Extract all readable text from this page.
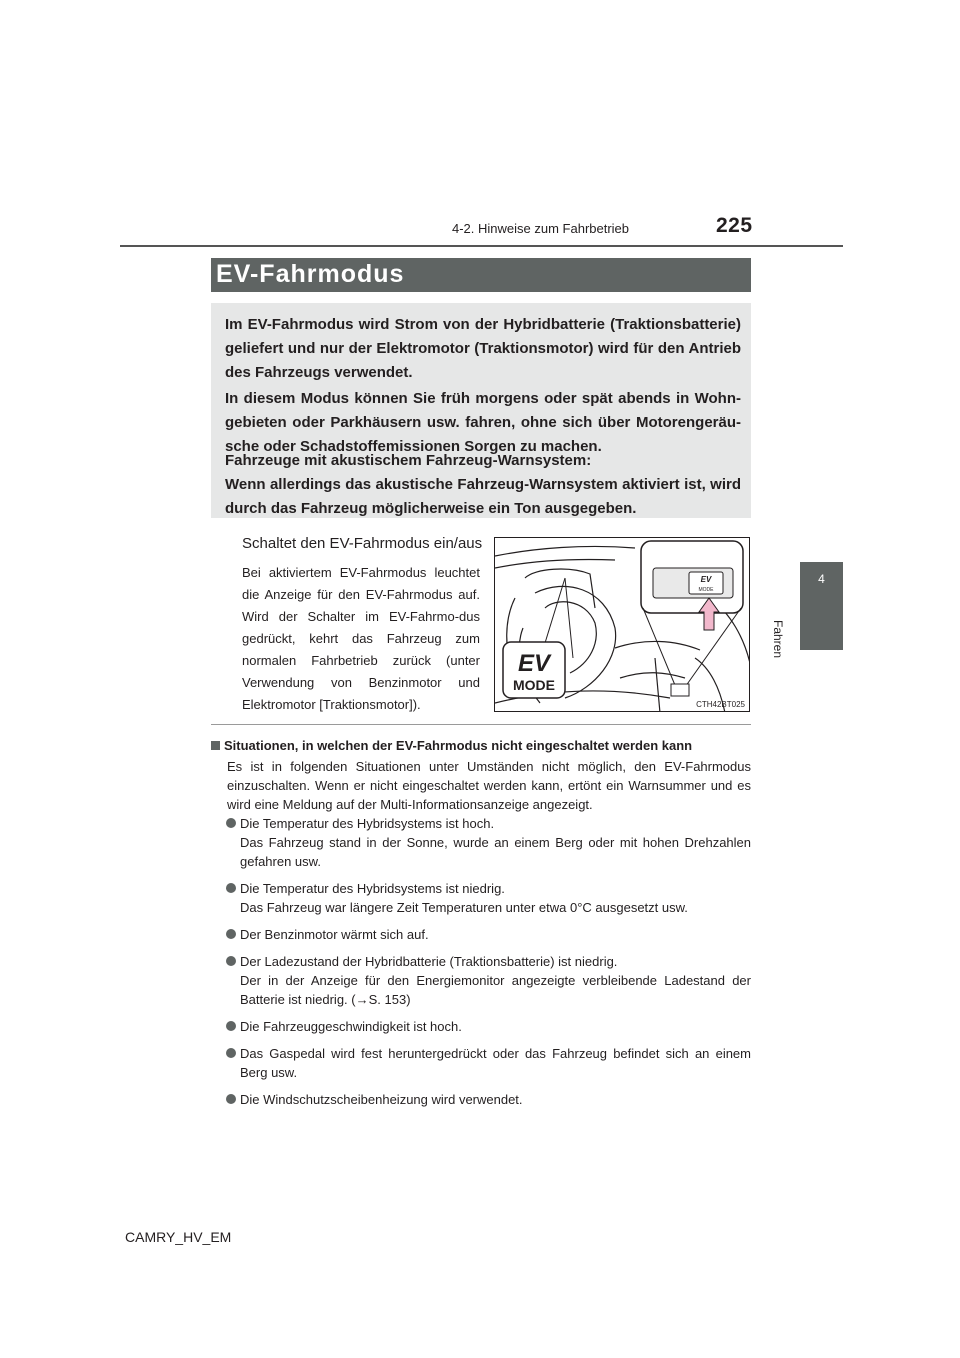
4-2. Hinweise zum Fahrbetrieb	225
4
Fahren
EV-Fahrmodus

Im EV-Fahrmodus wird Strom von der Hybridbatterie (Traktionsbatterie) geliefert und nur der Elektromotor (Traktionsmotor) wird für den Antrieb des Fahrzeugs verwendet.

In diesem Modus können Sie früh morgens oder spät abends in Wohn-gebieten oder Parkhäusern usw. fahren, ohne sich über Motorengeräu-sche oder Schadstoffemissionen Sorgen zu machen.

Fahrzeuge mit akustischem Fahrzeug-Warnsystem:

Wenn allerdings das akustische Fahrzeug-Warnsystem aktiviert ist, wird durch das Fahrzeug möglicherweise ein Ton ausgegeben.

Schaltet den EV-Fahrmodus ein/aus

Bei aktiviertem EV-Fahrmodus leuchtet die Anzeige für den EV-Fahrmodus auf. Wird der Schalter im EV-Fahrmo-dus gedrückt, kehrt das Fahrzeug zum normalen Fahrbetrieb zurück (unter Verwendung von Benzinmotor und Elektromotor [Traktionsmotor]).

EV
MODE
EV
MODE
CTH42BT025
Situationen, in welchen der EV-Fahrmodus nicht eingeschaltet werden kann

Es ist in folgenden Situationen unter Umständen nicht möglich, den EV-Fahrmodus einzuschalten. Wenn er nicht eingeschaltet werden kann, ertönt ein Warnsummer und es wird eine Meldung auf der Multi-Informationsanzeige angezeigt.

Die Temperatur des Hybridsystems ist hoch.
Das Fahrzeug stand in der Sonne, wurde an einem Berg oder mit hohen Drehzahlen gefahren usw.
Die Temperatur des Hybridsystems ist niedrig.
Das Fahrzeug war längere Zeit Temperaturen unter etwa 0°C ausgesetzt usw.
Der Benzinmotor wärmt sich auf.
Der Ladezustand der Hybridbatterie (Traktionsbatterie) ist niedrig.
Der in der Anzeige für den Energiemonitor angezeigte verbleibende Ladestand der Batterie ist niedrig. (→S. 153)
Die Fahrzeuggeschwindigkeit ist hoch.
Das Gaspedal wird fest heruntergedrückt oder das Fahrzeug befindet sich an einem Berg usw.
Die Windschutzscheibenheizung wird verwendet.
CAMRY_HV_EM
